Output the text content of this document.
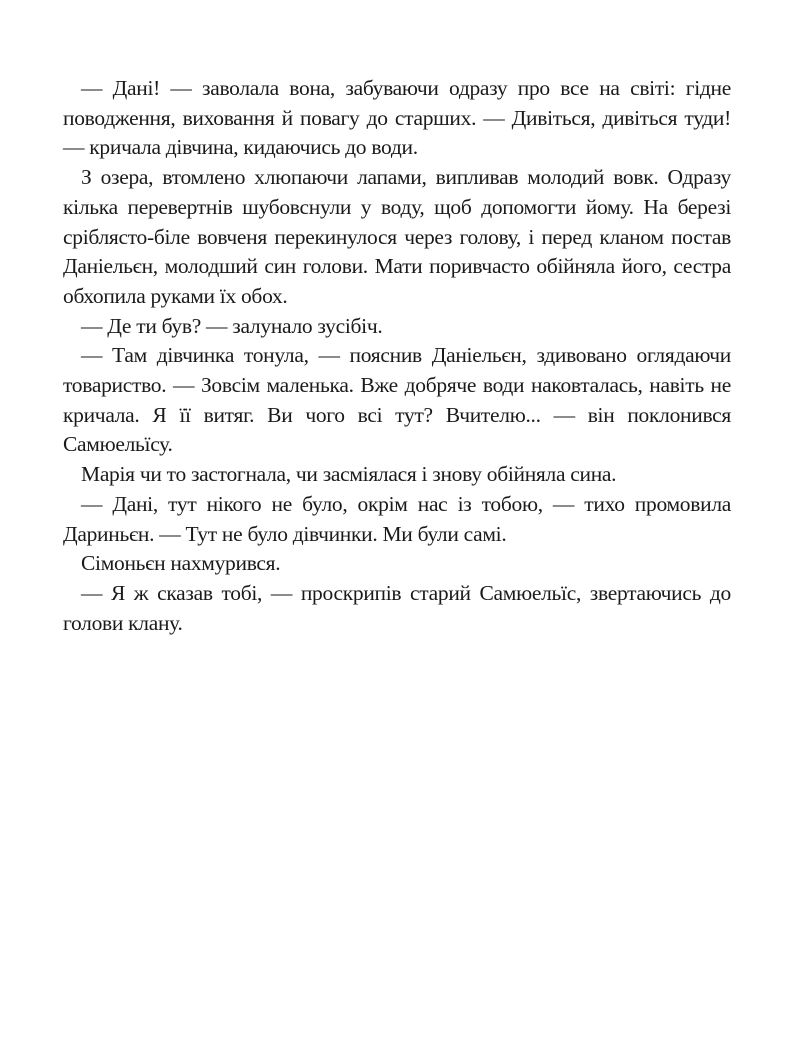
— Дані! — заволала вона, забуваючи одразу про все на світі: гідне поводження, виховання й повагу до старших. — Дивіться, дивіться туди! — кричала дівчина, кидаючись до води.

З озера, втомлено хлюпаючи лапами, випливав молодий вовк. Одразу кілька перевертнів шубовснули у воду, щоб допомогти йому. На березі сріблясто-біле вовченя перекинулося через голову, і перед кланом постав Даніельєн, молодший син голови. Мати поривчасто обійняла його, сестра обхопила руками їх обох.

— Де ти був? — залунало зусібіч.

— Там дівчинка тонула, — пояснив Даніельєн, здивовано оглядаючи товариство. — Зовсім маленька. Вже добряче води наковталась, навіть не кричала. Я її витяг. Ви чого всі тут? Вчителю... — він поклонився Самюельїсу.

Марія чи то застогнала, чи засміялася і знову обійняла сина.

— Дані, тут нікого не було, окрім нас із тобою, — тихо промовила Дариньєн. — Тут не було дівчинки. Ми були самі.

Сімоньєн нахмурився.

— Я ж сказав тобі, — проскрипів старий Самюельїс, звертаючись до голови клану.
